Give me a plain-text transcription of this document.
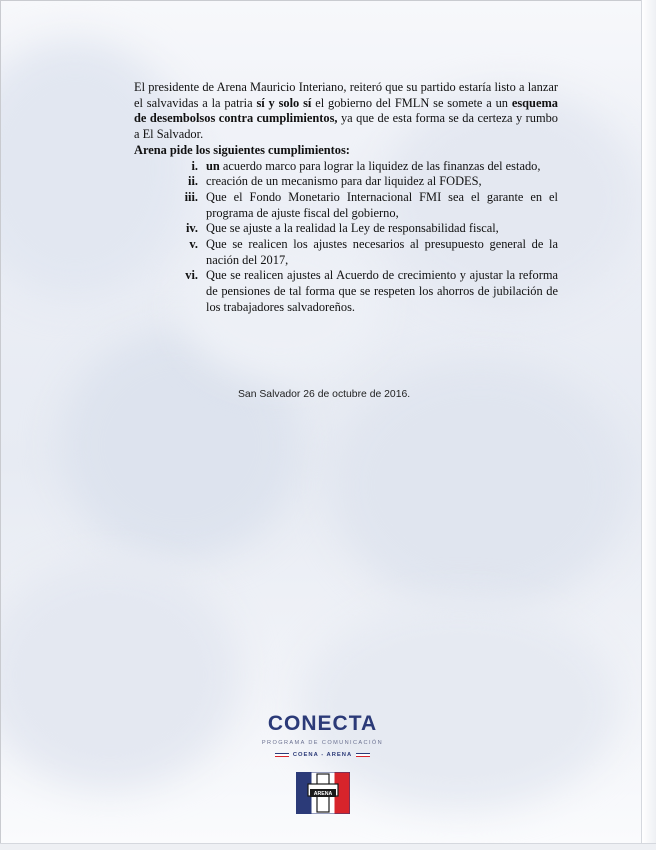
El presidente de Arena Mauricio Interiano, reiteró que su partido estaría listo a lanzar el salvavidas a la patria sí y solo sí el gobierno del FMLN se somete a un esquema de desembolsos contra cumplimientos, ya que de esta forma se da certeza y rumbo a El Salvador.

Arena pide los siguientes cumplimientos:

i. un acuerdo marco para lograr la liquidez de las finanzas del estado,
ii. creación de un mecanismo para dar liquidez al FODES,
iii. Que el Fondo Monetario Internacional FMI sea el garante en el programa de ajuste fiscal del gobierno,
iv. Que se ajuste a la realidad la Ley de responsabilidad fiscal,
v. Que se realicen los ajustes necesarios al presupuesto general de la nación del 2017,
vi. Que se realicen ajustes al Acuerdo de crecimiento y ajustar la reforma de pensiones de tal forma que se respeten los ahorros de jubilación de los trabajadores salvadoreños.
San Salvador 26 de octubre de 2016.
CONECTA
PROGRAMA DE COMUNICACIÓN
COENA - ARENA
ARENA
